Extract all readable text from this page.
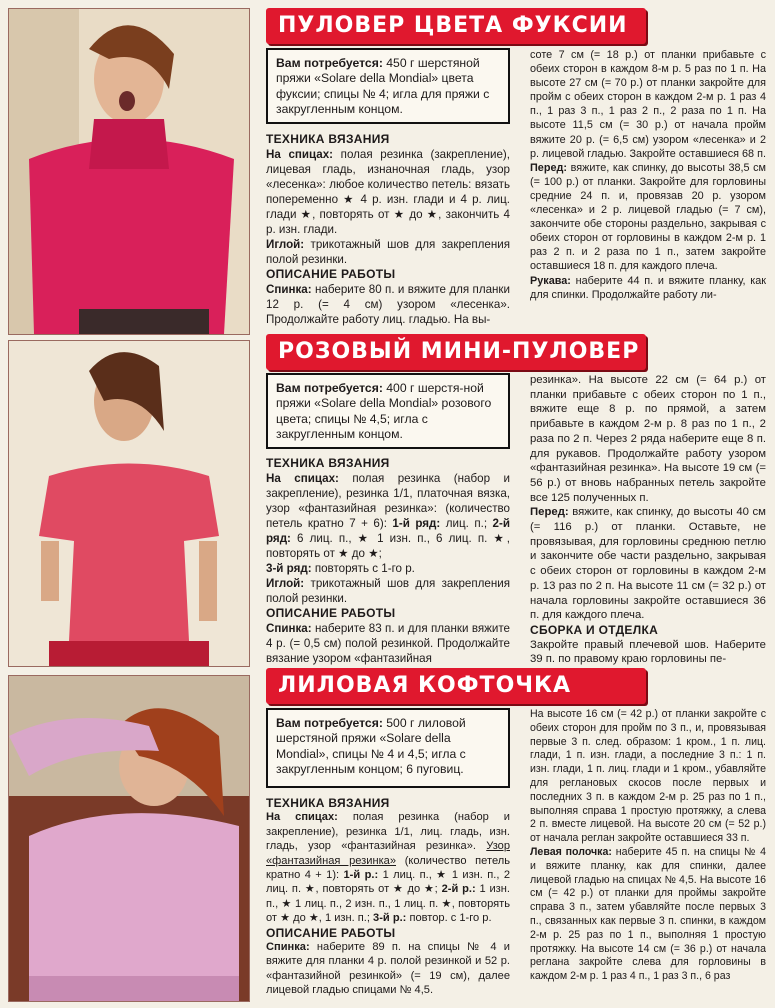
ПУЛОВЕР ЦВЕТА ФУКСИИ
Вам потребуется: 450 г шерстяной пряжи «Solare della Mondial» цвета фуксии; спицы № 4; игла для пряжи с закругленным концом.

ТЕХНИКА ВЯЗАНИЯ

На спицах: полая резинка (закрепление), лицевая гладь, изнаночная гладь, узор «лесенка»: любое количество петель: вязать попеременно ★ 4 р. изн. глади и 4 р. лиц. глади ★, повторять от ★ до ★, закончить 4 р. изн. глади.

Иглой: трикотажный шов для закрепления полой резинки.

ОПИСАНИЕ РАБОТЫ

Спинка: наберите 80 п. и вяжите для планки 12 р. (= 4 см) узором «лесенка». Продолжайте работу лиц. гладью. На вы-

соте 7 см (= 18 р.) от планки прибавьте с обеих сторон в каждом 8-м р. 5 раз по 1 п. На высоте 27 см (= 70 р.) от планки закройте для пройм с обеих сторон в каждом 2-м р. 1 раз 4 п., 1 раз 3 п., 1 раз 2 п., 2 раза по 1 п. На высоте 11,5 см (= 30 р.) от начала пройм вяжите 20 р. (= 6,5 см) узором «лесенка» и 2 р. лицевой гладью. Закройте оставшиеся 68 п.

Перед: вяжите, как спинку, до высоты 38,5 см (= 100 р.) от планки. Закройте для горловины средние 24 п. и, провязав 20 р. узором «лесенка» и 2 р. лицевой гладью (= 7 см), закончите обе стороны раздельно, закрывая с обеих сторон от горловины в каждом 2-м р. 1 раз 2 п. и 2 раза по 1 п., затем закройте оставшиеся 18 п. для каждого плеча.

Рукава: наберите 44 п. и вяжите планку, как для спинки. Продолжайте работу ли-

РОЗОВЫЙ МИНИ-ПУЛОВЕР
Вам потребуется: 400 г шерстя-ной пряжи «Solare della Mondial» розового цвета; спицы № 4,5; игла с закругленным концом.

ТЕХНИКА ВЯЗАНИЯ

На спицах: полая резинка (набор и закрепление), резинка 1/1, платочная вязка, узор «фантазийная резинка»: (количество петель кратно 7 + 6): 1-й ряд: лиц. п.; 2-й ряд: 6 лиц. п., ★ 1 изн. п., 6 лиц. п. ★, повторять от ★ до ★;

3-й ряд: повторять с 1-го р.

Иглой: трикотажный шов для закрепления полой резинки.

ОПИСАНИЕ РАБОТЫ

Спинка: наберите 83 п. и для планки вяжите 4 р. (= 0,5 см) полой резинкой. Продолжайте вязание узором «фантазийная

резинка». На высоте 22 см (= 64 р.) от планки прибавьте с обеих сторон по 1 п., вяжите еще 8 р. по прямой, а затем прибавьте в каждом 2-м р. 8 раз по 1 п., 2 раза по 2 п. Через 2 ряда наберите еще 8 п. для рукавов. Продолжайте работу узором «фантазийная резинка». На высоте 19 см (= 56 р.) от вновь набранных петель закройте все 125 полученных п.

Перед: вяжите, как спинку, до высоты 40 см (= 116 р.) от планки. Оставьте, не провязывая, для горловины среднюю петлю и закончите обе части раздельно, закрывая с обеих сторон от горловины в каждом 2-м р. 13 раз по 2 п. На высоте 11 см (= 32 р.) от начала горловины закройте оставшиеся 36 п. для каждого плеча.

СБОРКА И ОТДЕЛКА

Закройте правый плечевой шов. Наберите 39 п. по правому краю горловины пе-

ЛИЛОВАЯ КОФТОЧКА
Вам потребуется: 500 г лиловой шерстяной пряжи «Solare della Mondial», спицы № 4 и 4,5; игла с закругленным концом; 6 пуговиц.

ТЕХНИКА ВЯЗАНИЯ

На спицах: полая резинка (набор и закрепление), резинка 1/1, лиц. гладь, изн. гладь, узор «фантазийная резинка». Узор «фантазийная резинка» (количество петель кратно 4 + 1): 1-й р.: 1 лиц. п., ★ 1 изн. п., 2 лиц. п. ★, повторять от ★ до ★; 2-й р.: 1 изн. п., ★ 1 лиц. п., 2 изн. п., 1 лиц. п. ★, повторять от ★ до ★, 1 изн. п.; 3-й р.: повтор. с 1-го р.

ОПИСАНИЕ РАБОТЫ

Спинка: наберите 89 п. на спицы № 4 и вяжите для планки 4 р. полой резинкой и 52 р. «фантазийной резинкой» (= 19 см), далее лицевой гладью спицами № 4,5.

На высоте 16 см (= 42 р.) от планки закройте с обеих сторон для пройм по 3 п., и, провязывая первые 3 п. след. образом: 1 кром., 1 п. лиц. глади, 1 п. изн. глади, а последние 3 п.: 1 п. изн. глади, 1 п. лиц. глади и 1 кром., убавляйте для реглановых скосов после первых и последних 3 п. в каждом 2-м р. 25 раз по 1 п., выполняя справа 1 простую протяжку, а слева 2 п. вместе лицевой. На высоте 20 см (= 52 р.) от начала реглан закройте оставшиеся 33 п.

Левая полочка: наберите 45 п. на спицы № 4 и вяжите планку, как для спинки, далее лицевой гладью на спицах № 4,5. На высоте 16 см (= 42 р.) от планки для проймы закройте справа 3 п., затем убавляйте после первых 3 п., связанных как первые 3 п. спинки, в каждом 2-м р. 25 раз по 1 п., выполняя 1 простую протяжку. На высоте 14 см (= 36 р.) от начала реглана закройте слева для горловины в каждом 2-м р. 1 раз 4 п., 1 раз 3 п., 6 раз
